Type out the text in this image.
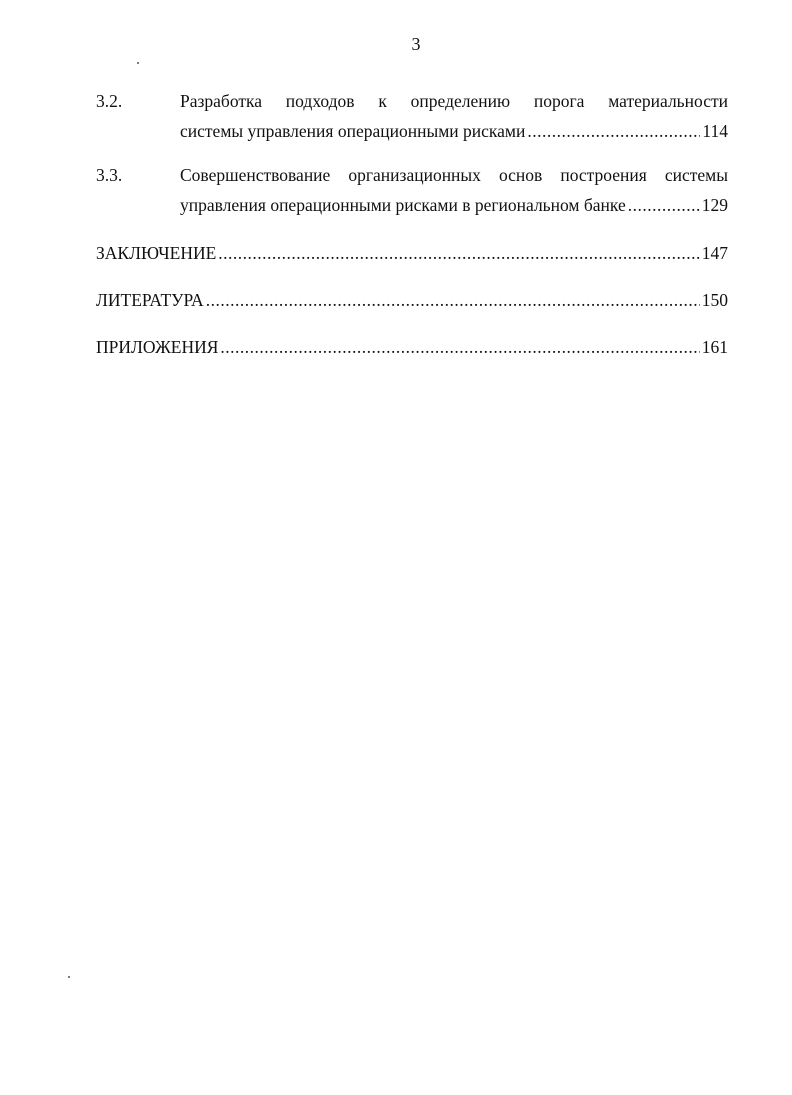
3
3.2.	Разработка подходов к определению порога материальности
системы управления операционными рисками .....	114
3.3.	Совершенствование организационных основ построения системы
управления операционными рисками в региональном банке .....	129
ЗАКЛЮЧЕНИЕ .....	147
ЛИТЕРАТУРА .....	150
ПРИЛОЖЕНИЯ .....	161
